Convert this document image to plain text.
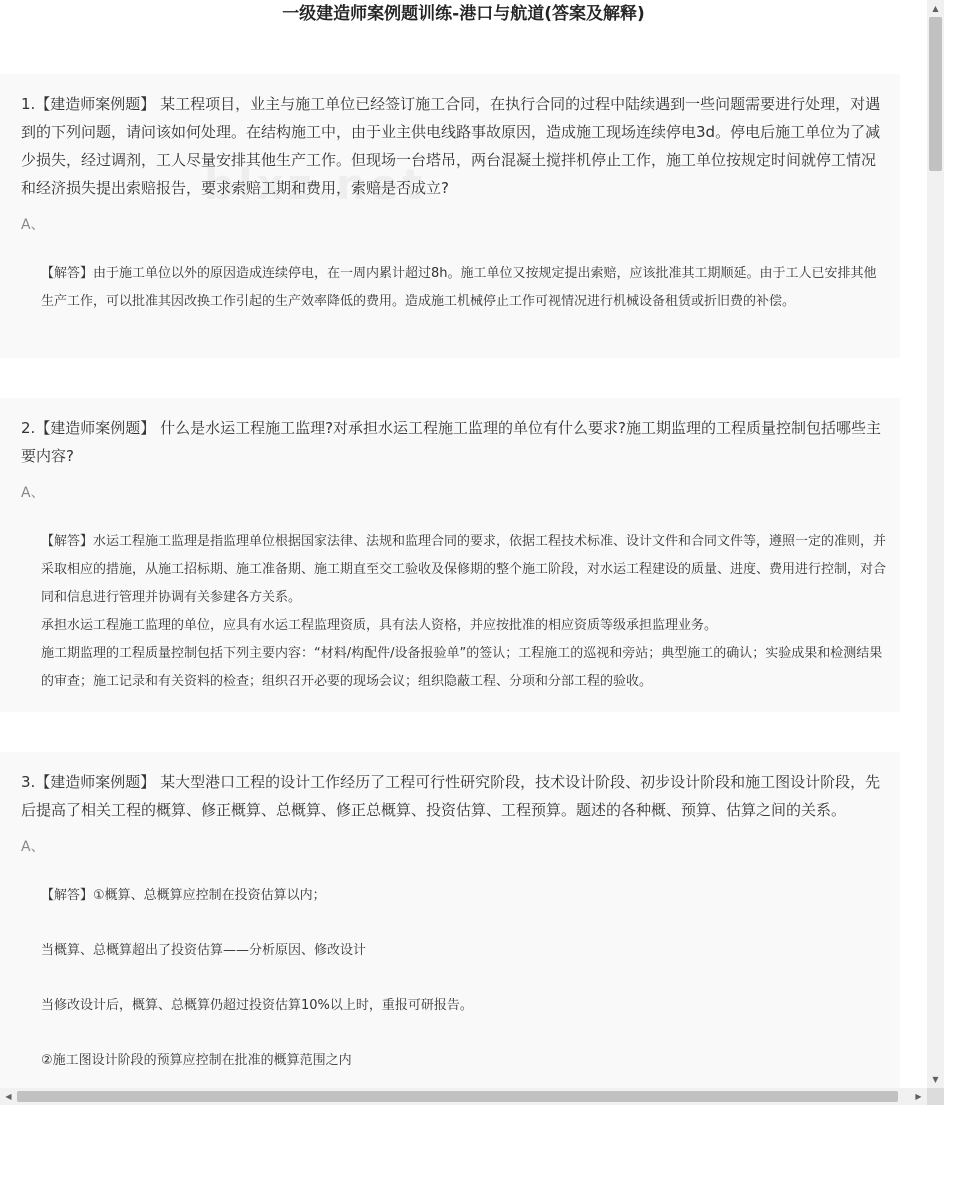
一级建造师案例题训练-港口与航道(答案及解释)

1.【建造师案例题】 某工程项目，业主与施工单位已经签订施工合同，在执行合同的过程中陆续遇到一些问题需要进行处理，对遇到的下列问题，请问该如何处理。在结构施工中，由于业主供电线路事故原因，造成施工现场连续停电3d。停电后施工单位为了减少损失，经过调剂，工人尽量安排其他生产工作。但现场一台塔吊，两台混凝土搅拌机停止工作，施工单位按规定时间就停工情况和经济损失提出索赔报告，要求索赔工期和费用，索赔是否成立?

A、

【解答】由于施工单位以外的原因造成连续停电，在一周内累计超过8h。施工单位又按规定提出索赔，应该批准其工期顺延。由于工人已安排其他生产工作，可以批准其因改换工作引起的生产效率降低的费用。造成施工机械停止工作可视情况进行机械设备租赁或折旧费的补偿。

2.【建造师案例题】 什么是水运工程施工监理?对承担水运工程施工监理的单位有什么要求?施工期监理的工程质量控制包括哪些主要内容?

A、

【解答】水运工程施工监理是指监理单位根据国家法律、法规和监理合同的要求，依据工程技术标准、设计文件和合同文件等，遵照一定的准则，并采取相应的措施，从施工招标期、施工准备期、施工期直至交工验收及保修期的整个施工阶段，对水运工程建设的质量、进度、费用进行控制，对合同和信息进行管理并协调有关参建各方关系。

承担水运工程施工监理的单位，应具有水运工程监理资质，具有法人资格，并应按批准的相应资质等级承担监理业务。

施工期监理的工程质量控制包括下列主要内容：“材料/构配件/设备报验单”的签认；工程施工的巡视和旁站；典型施工的确认；实验成果和检测结果的审查；施工记录和有关资料的检查；组织召开必要的现场会议；组织隐蔽工程、分项和分部工程的验收。

3.【建造师案例题】 某大型港口工程的设计工作经历了工程可行性研究阶段，技术设计阶段、初步设计阶段和施工图设计阶段，先后提高了相关工程的概算、修正概算、总概算、修正总概算、投资估算、工程预算。题述的各种概、预算、估算之间的关系。

A、

【解答】①概算、总概算应控制在投资估算以内；

当概算、总概算超出了投资估算——分析原因、修改设计

当修改设计后，概算、总概算仍超过投资估算10%以上时，重报可研报告。

②施工图设计阶段的预算应控制在批准的概算范围之内

▲
▼
◀	▶
